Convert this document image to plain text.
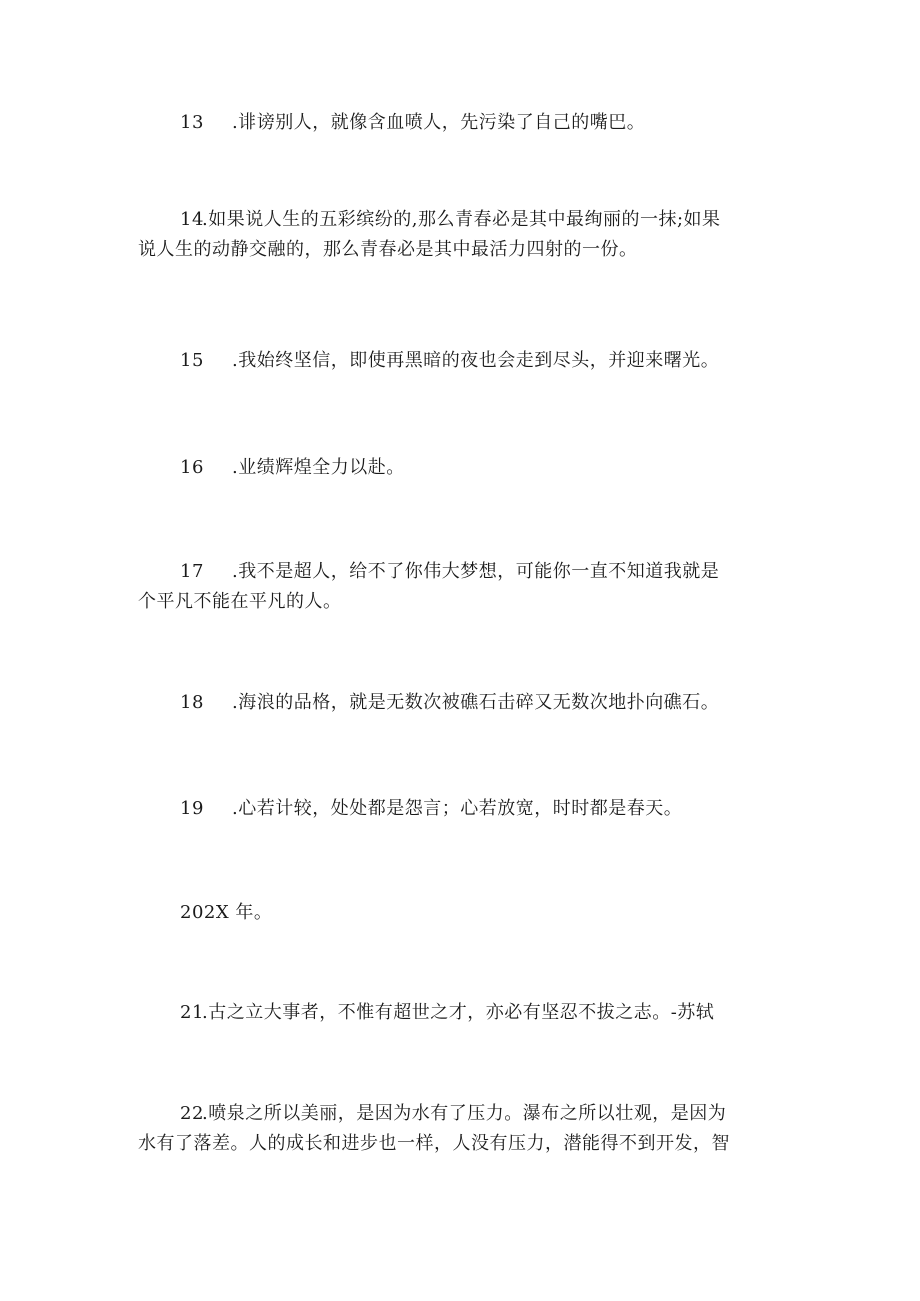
13 .诽谤别人，就像含血喷人，先污染了自己的嘴巴。
14.如果说人生的五彩缤纷的,那么青春必是其中最绚丽的一抹;如果
说人生的动静交融的，那么青春必是其中最活力四射的一份。
15 .我始终坚信，即使再黑暗的夜也会走到尽头，并迎来曙光。
16 .业绩辉煌全力以赴。
17 .我不是超人，给不了你伟大梦想，可能你一直不知道我就是
个平凡不能在平凡的人。
18 .海浪的品格，就是无数次被礁石击碎又无数次地扑向礁石。
19 .心若计较，处处都是怨言；心若放宽，时时都是春天。
202X 年。
21.古之立大事者，不惟有超世之才，亦必有坚忍不拔之志。-苏轼
22.喷泉之所以美丽，是因为水有了压力。瀑布之所以壮观，是因为
水有了落差。人的成长和进步也一样，人没有压力，潜能得不到开发，智
